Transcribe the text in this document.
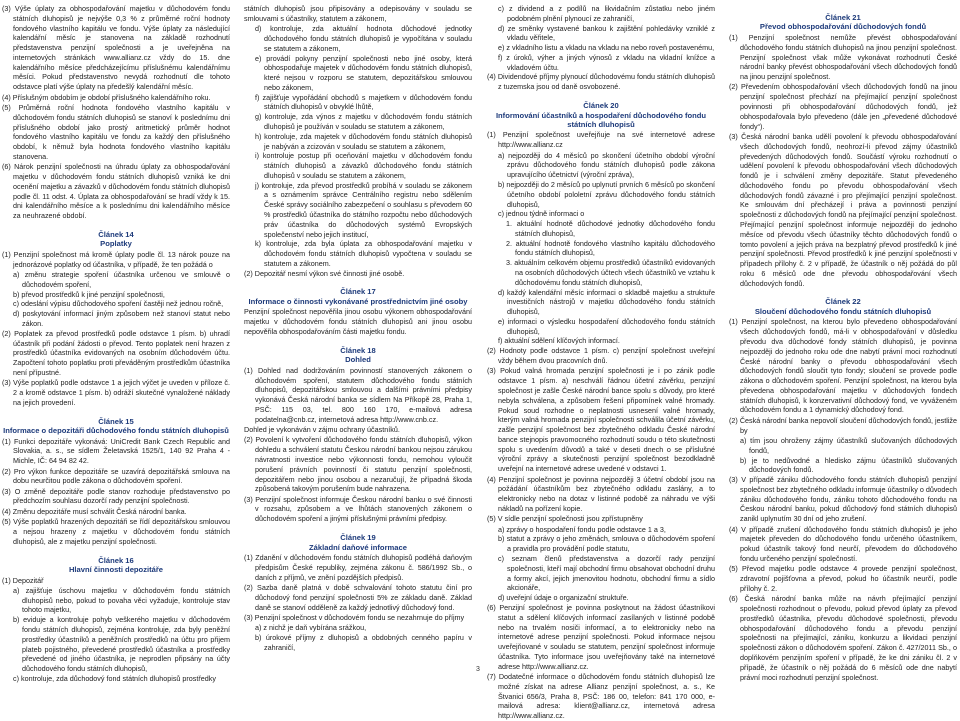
(3) Výše úplaty za obhospodařování majetku v důchodovém fondu státních dluhopisů je nejvýše 0,3 % z průměrné roční hodnoty fondového vlastního kapitálu ve fondu. Výše úplaty za následující kalendářní měsíc je stanovena na základě rozhodnutí představenstva penzijní společnosti a je uveřejněna na internetových stránkách www.allianz.cz vždy do 15. dne kalendářního měsíce předcházejícímu příslušnému kalendářnímu měsíci. Pokud představenstvo nevydá rozhodnutí dle tohoto odstavce platí výše úplaty na předešlý kalendářní měsíc.
(4) Příslušným obdobím je období příslušného kalendářního roku.
(5) Průměrná roční hodnota fondového vlastního kapitálu v důchodovém fondu státních dluhopisů se stanoví k poslednímu dni příslušného období jako prostý aritmetický průměr hodnot fondového vlastního kapitálu ve fondu za každý den příslušného období, k němuž byla hodnota fondového vlastního kapitálu stanovena.
(6) Nárok penzijní společnosti na úhradu úplaty za obhospodařování majetku v důchodovém fondu státních dluhopisů vzniká ke dni ocenění majetku a závazků v důchodovém fondu státních dluhopisů podle čl. 11 odst. 4. Úplata za obhospodařování se hradí vždy k 15. dni kalendářního měsíce a k poslednímu dni kalendářního měsíce za neuhrazené období.
Článek 14
Poplatky
(1) Penzijní společnost má kromě úplaty podle čl. 13 nárok pouze na jednorázové poplatky od účastníka, v případě, že ten požádá o
a) změnu strategie spoření účastníka určenou ve smlouvě o důchodovém spoření,
b) převod prostředků k jiné penzijní společnosti,
c) odeslání výpisu důchodového spoření častěji než jednou ročně,
d) poskytování informací jiným způsobem než stanoví statut nebo zákon.
(2) Poplatek za převod prostředků podle odstavce 1 písm. b) uhradí účastník při podání žádosti o převod. Tento poplatek není hrazen z prostředků účastníka evidovaných na osobním důchodovém účtu. Započtení tohoto poplatku proti převáděným prostředkům účastníka není přípustné.
(3) Výše poplatků podle odstavce 1 a jejich výčet je uveden v příloze č. 2 a kromě odstavce 1 písm. b) odráží skutečné vynaložené náklady na jejich provedení.
Článek 15
Informace o depozitáři důchodového fondu státních dluhopisů
(1) Funkci depozitáře vykonává: UniCredit Bank Czech Republic and Slovakia, a. s., se sídlem Želetavská 1525/1, 140 92 Praha 4 - Michle, IČ: 64 94 82 42.
(2) Pro výkon funkce depozitáře se uzavírá depozitářská smlouva na dobu neurčitou podle zákona o důchodovém spoření.
(3) O změně depozitáře podle stanov rozhoduje představenstvo po předchozím souhlasu dozorčí rady penzijní společnosti.
(4) Změnu depozitáře musí schválit Česká národní banka.
(5) Výše poplatků hrazených depozitáři se řídí depozitářskou smlouvou a nejsou hrazeny z majetku v důchodovém fondu státních dluhopisů, ale z majetku penzijní společnosti.
Článek 16
Hlavní činnosti depozitáře
(1) Depozitář
a) zajišťuje úschovu majetku v důchodovém fondu státních dluhopisů nebo, pokud to povaha věci vyžaduje, kontroluje stav tohoto majetku,
b) eviduje a kontroluje pohyb veškerého majetku v důchodovém fondu státních dluhopisů, zejména kontroluje, zda byly peněžní prostředky účastníků a peněžních prostředků na účtu pro přijem plateb pojistného, převedené prostředků účastníka a prostředky převedené od jiného účastníka, je neprodlen připsány na účty důchodového fondu státních dluhopisů,
c) kontroluje, zda důchodový fond státních dluhopisů prostředky
státních dluhopisů jsou připisovány a odepisovány v souladu se smlouvami s účastníky, statutem a zákonem,
d) kontroluje, zda aktuální hodnota důchodové jednotky důchodového fondu státních dluhopisů je vypočítána v souladu se statutem a zákonem,
e) provádí pokyny penzijní společnosti nebo jiné osoby, která obhospodařuje majetek v důchodovém fondu státních dluhopisů, které nejsou v rozporu se statutem, depozitářskou smlouvou nebo zákonem,
f) zajišťuje vypořádání obchodů s majetkem v důchodovém fondu státních dluhopisů v obvyklé lhůtě,
g) kontroluje, zda výnos z majetku v důchodovém fondu státních dluhopisů je používán v souladu se statutem a zákonem,
h) kontroluje, zda majetek v důchodovém fondu státních dluhopisů je nabýván a zcizován v souladu se statutem a zákonem,
i) kontroluje postup při oceňování majetku v důchodovém fondu státních dluhopisů a závazků důchodového fondu státních dluhopisů v souladu se statutem a zákonem,
j) kontroluje, zda převod prostředků probíhá v souladu se zákonem a s oznámením správce Centrálního registru nebo sdělením České správy sociálního zabezpečení o souhlasu s převodem 60 % prostředků účastníka do státního rozpočtu nebo důchodových práv účastníka do důchodových systémů Evropských společenství nebo jejich institucí,
k) kontroluje, zda byla úplata za obhospodařování majetku v důchodovém fondu státních dluhopisů vypočtena v souladu se statutem a zákonem.
(2) Depozitář nesmí výkon své činnosti jiné osobě.
Článek 17
Informace o činnosti vykonávané prostřednictvím jiné osoby
Penzijní společnost nepověřila jinou osobu výkonem obhospodařování majetku v důchodovém fondu státních dluhopisů ani jinou osobu nepověřila obhospodařováním části majetku fondu.
Článek 18
Dohled
(1) Dohled nad dodržováním povinností stanovených zákonem o důchodovém spoření, statutem důchodového fondu státních dluhopisů, depozitářskou smlouvou a dalšími právními předpisy vykonává Česká národní banka se sídlem Na Příkopě 28, Praha 1, PSČ: 115 03, tel. 800 160 170, e-mailová adresa podatelna@cnb.cz, internetová adresa http://www.cnb.cz.
Dohled je vykonáván v zájmu ochrany účastníků.
(2) Povolení k vytvoření důchodového fondu státních dluhopisů, výkon dohledu a schválení statutu Českou národní bankou nejsou zárukou návratnosti investice nebo výkonnosti fondu, nemohou vyloučit porušení právních povinností či statutu penzijní společnosti, depozitářem nebo jinou osobou a nezaručují, že případná škoda způsobená takovým porušením bude nahrazena.
(3) Penzijní společnost informuje Českou národní banku o své činnosti v rozsahu, způsobem a ve lhůtách stanovených zákonem o důchodovém spoření a jinými příslušnými právními předpisy.
Článek 19
Základní daňové informace
(1) Zdanění v důchodovém fondu státních dluhopisů podléhá daňovým předpisům České republiky, zejména zákonu č. 586/1992 Sb., o daních z příjmů, ve znění pozdějších předpisů.
(2) Sazba daně platná v době schvalování tohoto statutu činí pro důchodový fond penzijní společnosti 5% ze základu daně. Základ daně se stanoví odděleně za každý jednotlivý důchodový fond.
(3) Penzijní společnost v důchodovém fondu se nezahrnuje do příjmy
a) z nichž je daň vybírána srážkou,
b) úrokové příjmy z dluhopisů a obdobných cenného papíru v zahraničí,
c) z dividend a z podílů na likvidačním zůstatku nebo jiném podobném plnění plynoucí ze zahraničí,
d) ze směnky vystavené bankou k zajištění pohledávky vzniklé z vkladu věřitele,
e) z vkladního listu a vkladu na vkladu na nebo roveň postavenému,
f) z úroků, výher a jiných výnosů z vkladu na vkladní knížce a vkladovém účtu.
(4) Dividendové příjmy plynoucí důchodovému fondu státních dluhopisů z tuzemska jsou od daně osvobozené.
Článek 20
Informování účastníků a hospodaření důchodového fondu státních dluhopisů
(1) Penzijní společnost uveřejňuje na své internetové adrese http://www.allianz.cz
a) nejpozději do 4 měsíců po skončení účetního období výroční zprávu důchodového fondu státních dluhopisů podle zákona upravujícího účetnictví (výroční zpráva),
b) nejpozději do 2 měsíců po uplynutí prvních 6 měsíců po skončení účetního období pololetní zprávu důchodového fondu státních dluhopisů,
c) jednou týdně informaci o
1. aktuální hodnotě důchodové jednotky důchodového fondu státních dluhopisů,
2. aktuální hodnotě fondového vlastního kapitálu důchodového fondu státních dluhopisů,
3. aktuálním celkovém objemu prostředků účastníků evidovaných na osobních důchodových účtech všech účastníků ve vztahu k důchodovému fondu státních dluhopisů,
d) každý kalendářní měsíc informaci o skladbě majetku a struktuře investičních nástrojů v majetku důchodového fondu státních dluhopisů,
e) informaci o výsledku hospodaření důchodového fondu státních dluhopisů,
f) aktuální sdělení klíčových informací.
(2) Hodnoty podle odstavce 1 písm. c) penzijní společnost uveřejní vždy během dvou pracovních dnů.
(3) Pokud valná hromada penzijní společnosti je i po zánik podle odstavce 1 písm. a) neschválí řádnou účetní závěrku, penzijní společnost je zašle České národní bance spolu s důvody, pro které nebyla schválena, a způsobem řešení připomínek valné hromady. Pokud soud rozhodne o neplatnosti usnesení valné hromady, kterým valná hromada penzijní společnosti schválila účetní závěrku, zašle penzijní společnost bez zbytečného odkladu České národní bance stejnopis pravomocného rozhodnutí soudu o této skutečnosti spolu s uvedením důvodů a také v deseti dnech o se příslušné výroční zprávy a skutečnosti penzijní společnost bezodkladně uveřejní na internetové adrese uvedené v odstavci 1.
(4) Penzijní společnost je povinna nejpozději 3 účetní období jsou na požádání účastníkům bez zbytečného odkladu zaslány, a to elektronicky nebo na dotaz v listinné podobě za náhradu ve výši nákladů na pořízení kopie.
(5) V sídle penzijní společnosti jsou zpřístupněny
a) zprávy o hospodaření fondu podle odstavce 1 a 3,
b) statut a zprávy o jeho změnách, smlouva o důchodovém spoření a pravidla pro provádění podle statutu,
c) seznam členů představenstva a dozorčí rady penzijní společnosti, kteří mají obchodní firmu obsahovat obchodní druhu a formy akcí, jejich jmenovitou hodnotu, obchodní firmu a sídlo akcionáře,
d) uveřejní údaje o organizační struktuře.
(6) Penzijní společnost je povinna poskytnout na žádost účastníkovi statut a sdělení klíčových informací zasílaných v listinné podobě nebo na trvalém nosiči informací, a to elektronicky nebo na internetové adrese penzijní společnosti. Pokud informace nejsou uveřejňované v souladu se statutem, penzijní společnost informuje účastníka. Tyto informace jsou uveřejňovány také na internetové adrese http://www.allianz.cz.
(7) Dodatečné informace o důchodovém fondu státních dluhopisů lze možné získat na adrese Allianz penzijní společnost, a. s., Ke Štvanici 656/3, Praha 8, PSČ: 186 00, telefon: 841 170 000, e-mailová adresa: klient@allianz.cz, internetová adresa http://www.allianz.cz.
Článek 21
Převod obhospodařování důchodových fondů
(1) Penzijní společnost nemůže převést obhospodařování důchodového fondu státních dluhopisů na jinou penzijní společnost. Penzijní společnost však může vykonávat rozhodnutí České národní banky převést obhospodařování všech důchodových fondů na jinou penzijní společnost.
(2) Převedením obhospodařování všech důchodových fondů na jinou penzijní společnost přechází na přejímající penzijní společnost povinnosti při obhospodařování důchodových fondů, jež obhospodařovala bylo převedeno (dále jen „převedené důchodové fondy“).
(3) Česká národní banka udělí povolení k převodu obhospodařování všech důchodových fondů, neohrozí-li převod zájmy účastníků převedených důchodových fondů. Součástí výroku rozhodnutí o udělení povolení k převodu obhospodařování všech důchodových fondů je i schválení změny depozitáře. Statut převedeného důchodového fondu po převodu obhospodařování všech důchodových fondů závazné i pro přejímající penzijní společnost. Ke smlouvám dní přecházejí i práva a povinnosti penzijní společnosti z důchodových fondů na přejímající penzijní společnost. Přejímající penzijní společnost informuje nejpozději do jednoho měsíce od převodu všech účastníky těchto důchodových fondů o tomto povolení a jejich práva na bezplatný převod prostředků k jiné penzijní společnosti. Převod prostředků k jiné penzijní společnosti v případech přílohy č. 2 v případě, že účastník o něj požádá do půl roku 6 měsíců ode dne převodu obhospodařování všech důchodových fondů.
Článek 22
Sloučení důchodového fondu státních dluhopisů
(1) Penzijní společnost, na kterou bylo převedeno obhospodařování všech důchodových fondů, má-li v obhospodařování v důsledku převodu dva důchodové fondy státních dluhopisů, je povinna nejpozději do jednoho roku ode dne nabytí právní moci rozhodnutí České národní banky o převodu obhospodařování všech důchodových fondů sloučit tyto fondy; sloučení se provede podle zákona o důchodovém spoření. Penzijní společnost, na kterou byla převedena obhospodařování majetku v důchodových fondech státních dluhopisů, k konzervativní důchodový fond, ve vyváženém důchodovém fondu a 1 dynamický důchodový fond.
(2) Česká národní banka nepovolí sloučení důchodových fondů, jestliže by
a) tím jsou ohroženy zájmy účastníků slučovaných důchodových fondů,
b) je to nedůvodné a hledisko zájmu účastníků slučovaných důchodových fondů.
(3) V případě zániku důchodového fondu státních dluhopisů penzijní společnost bez zbytečného odkladu informuje účastníky o důvodech zániku důchodového fondu, zániku tohoto důchodového fondu na Českou národní banku, pokud důchodový fond státních dluhopisů zanikl uplynutím 30 dní od jeho zrušení.
(4) V případě zrušení důchodového fondu státních dluhopisů je jeho majetek převeden do důchodového fondu určeného účastníkem, pokud účastník takový fond neurčí, převodem do důchodového fondu určeného penzijní společností.
(5) Převod majetku podle odstavce 4 provede penzijní společnost, zdravotní pojišťovna a převod, pokud ho účastník neurčí, podle přílohy č. 2.
(6) Česká národní banka může na návrh přejímající penzijní společnosti rozhodnout o převodu, pokud převod úplaty za převod prostředků účastníka, převodu důchodové společnosti, převodu obhospodařování důchodového fondu a převodu penzijní společnosti na přejímající, zániku, konkurzu a likvidaci penzijní společnosti zákon o důchodovém spoření. Zákon č. 427/2011 Sb., o doplňkovém penzijním spoření v případě, že ke dni zániku čl. 2 v případě, že účastník o něj požádá do 6 měsíců ode dne nabytí právní moci rozhodnutí penzijní společnost.
3
